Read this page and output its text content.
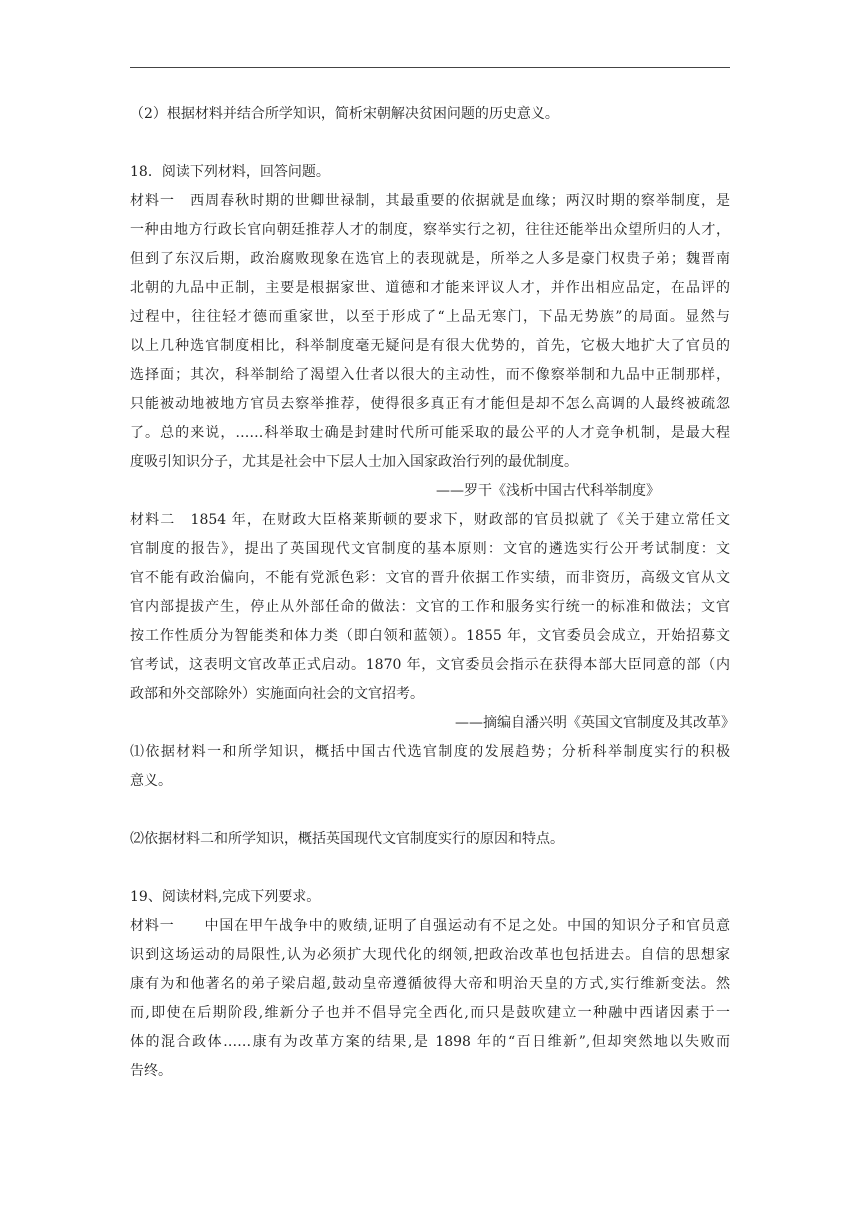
（2）根据材料并结合所学知识，简析宋朝解决贫困问题的历史意义。
18．阅读下列材料，回答问题。
材料一　西周春秋时期的世卿世禄制，其最重要的依据就是血缘；两汉时期的察举制度，是
一种由地方行政长官向朝廷推荐人才的制度，察举实行之初，往往还能举出众望所归的人才，
但到了东汉后期，政治腐败现象在选官上的表现就是，所举之人多是豪门权贵子弟；魏晋南
北朝的九品中正制，主要是根据家世、道德和才能来评议人才，并作出相应品定，在品评的
过程中，往往轻才德而重家世，以至于形成了“上品无寒门，下品无势族”的局面。显然与
以上几种选官制度相比，科举制度毫无疑问是有很大优势的，首先，它极大地扩大了官员的
选择面；其次，科举制给了渴望入仕者以很大的主动性，而不像察举制和九品中正制那样，
只能被动地被地方官员去察举推荐，使得很多真正有才能但是却不怎么高调的人最终被疏忽
了。总的来说，……科举取士确是封建时代所可能采取的最公平的人才竞争机制，是最大程
度吸引知识分子，尤其是社会中下层人士加入国家政治行列的最优制度。
——罗干《浅析中国古代科举制度》
材料二　1854 年，在财政大臣格莱斯顿的要求下，财政部的官员拟就了《关于建立常任文
官制度的报告》，提出了英国现代文官制度的基本原则：文官的遴选实行公开考试制度：文
官不能有政治偏向，不能有党派色彩：文官的晋升依据工作实绩，而非资历，高级文官从文
官内部提拔产生，停止从外部任命的做法：文官的工作和服务实行统一的标准和做法；文官
按工作性质分为智能类和体力类（即白领和蓝领）。1855 年，文官委员会成立，开始招募文
官考试，这表明文官改革正式启动。1870 年，文官委员会指示在获得本部大臣同意的部（内
政部和外交部除外）实施面向社会的文官招考。
——摘编自潘兴明《英国文官制度及其改革》
⑴依据材料一和所学知识，概括中国古代选官制度的发展趋势；分析科举制度实行的积极
意义。
⑵依据材料二和所学知识，概括英国现代文官制度实行的原因和特点。
19、阅读材料,完成下列要求。
材料一　　中国在甲午战争中的败绩,证明了自强运动有不足之处。中国的知识分子和官员意
识到这场运动的局限性,认为必须扩大现代化的纲领,把政治改革也包括进去。自信的思想家
康有为和他著名的弟子梁启超,鼓动皇帝遵循彼得大帝和明治天皇的方式,实行维新变法。然
而,即使在后期阶段,维新分子也并不倡导完全西化,而只是鼓吹建立一种融中西诸因素于一
体的混合政体……康有为改革方案的结果,是 1898 年的“百日维新”,但却突然地以失败而
告终。
